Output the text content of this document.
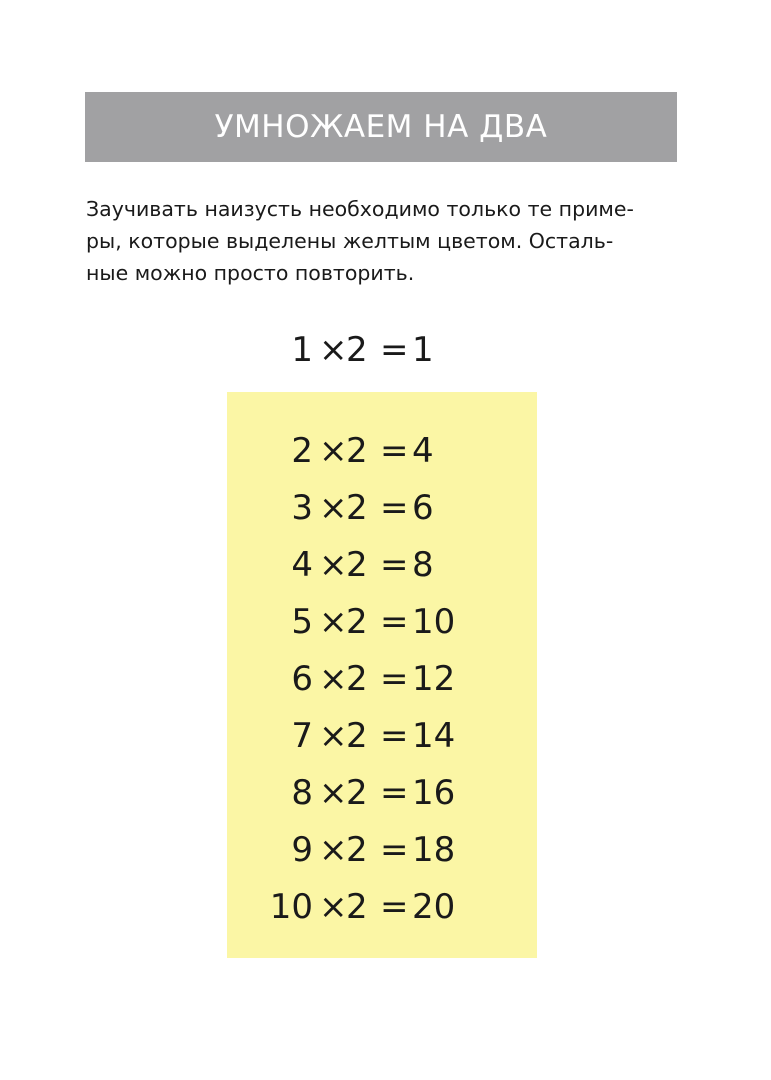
УМНОЖАЕМ НА ДВА
Заучивать наизусть необходимо только те приме-
ры, которые выделены желтым цветом. Осталь-
ные можно просто повторить.
1 ×
2 = 1
2 ×
2 = 4
3 ×
2 = 6
4 ×
2 = 8
5 ×
2 = 10
6 ×
2 = 12
7 ×
2 = 14
8 ×
2 = 16
9 ×
2 = 18
10 ×
2 = 20
